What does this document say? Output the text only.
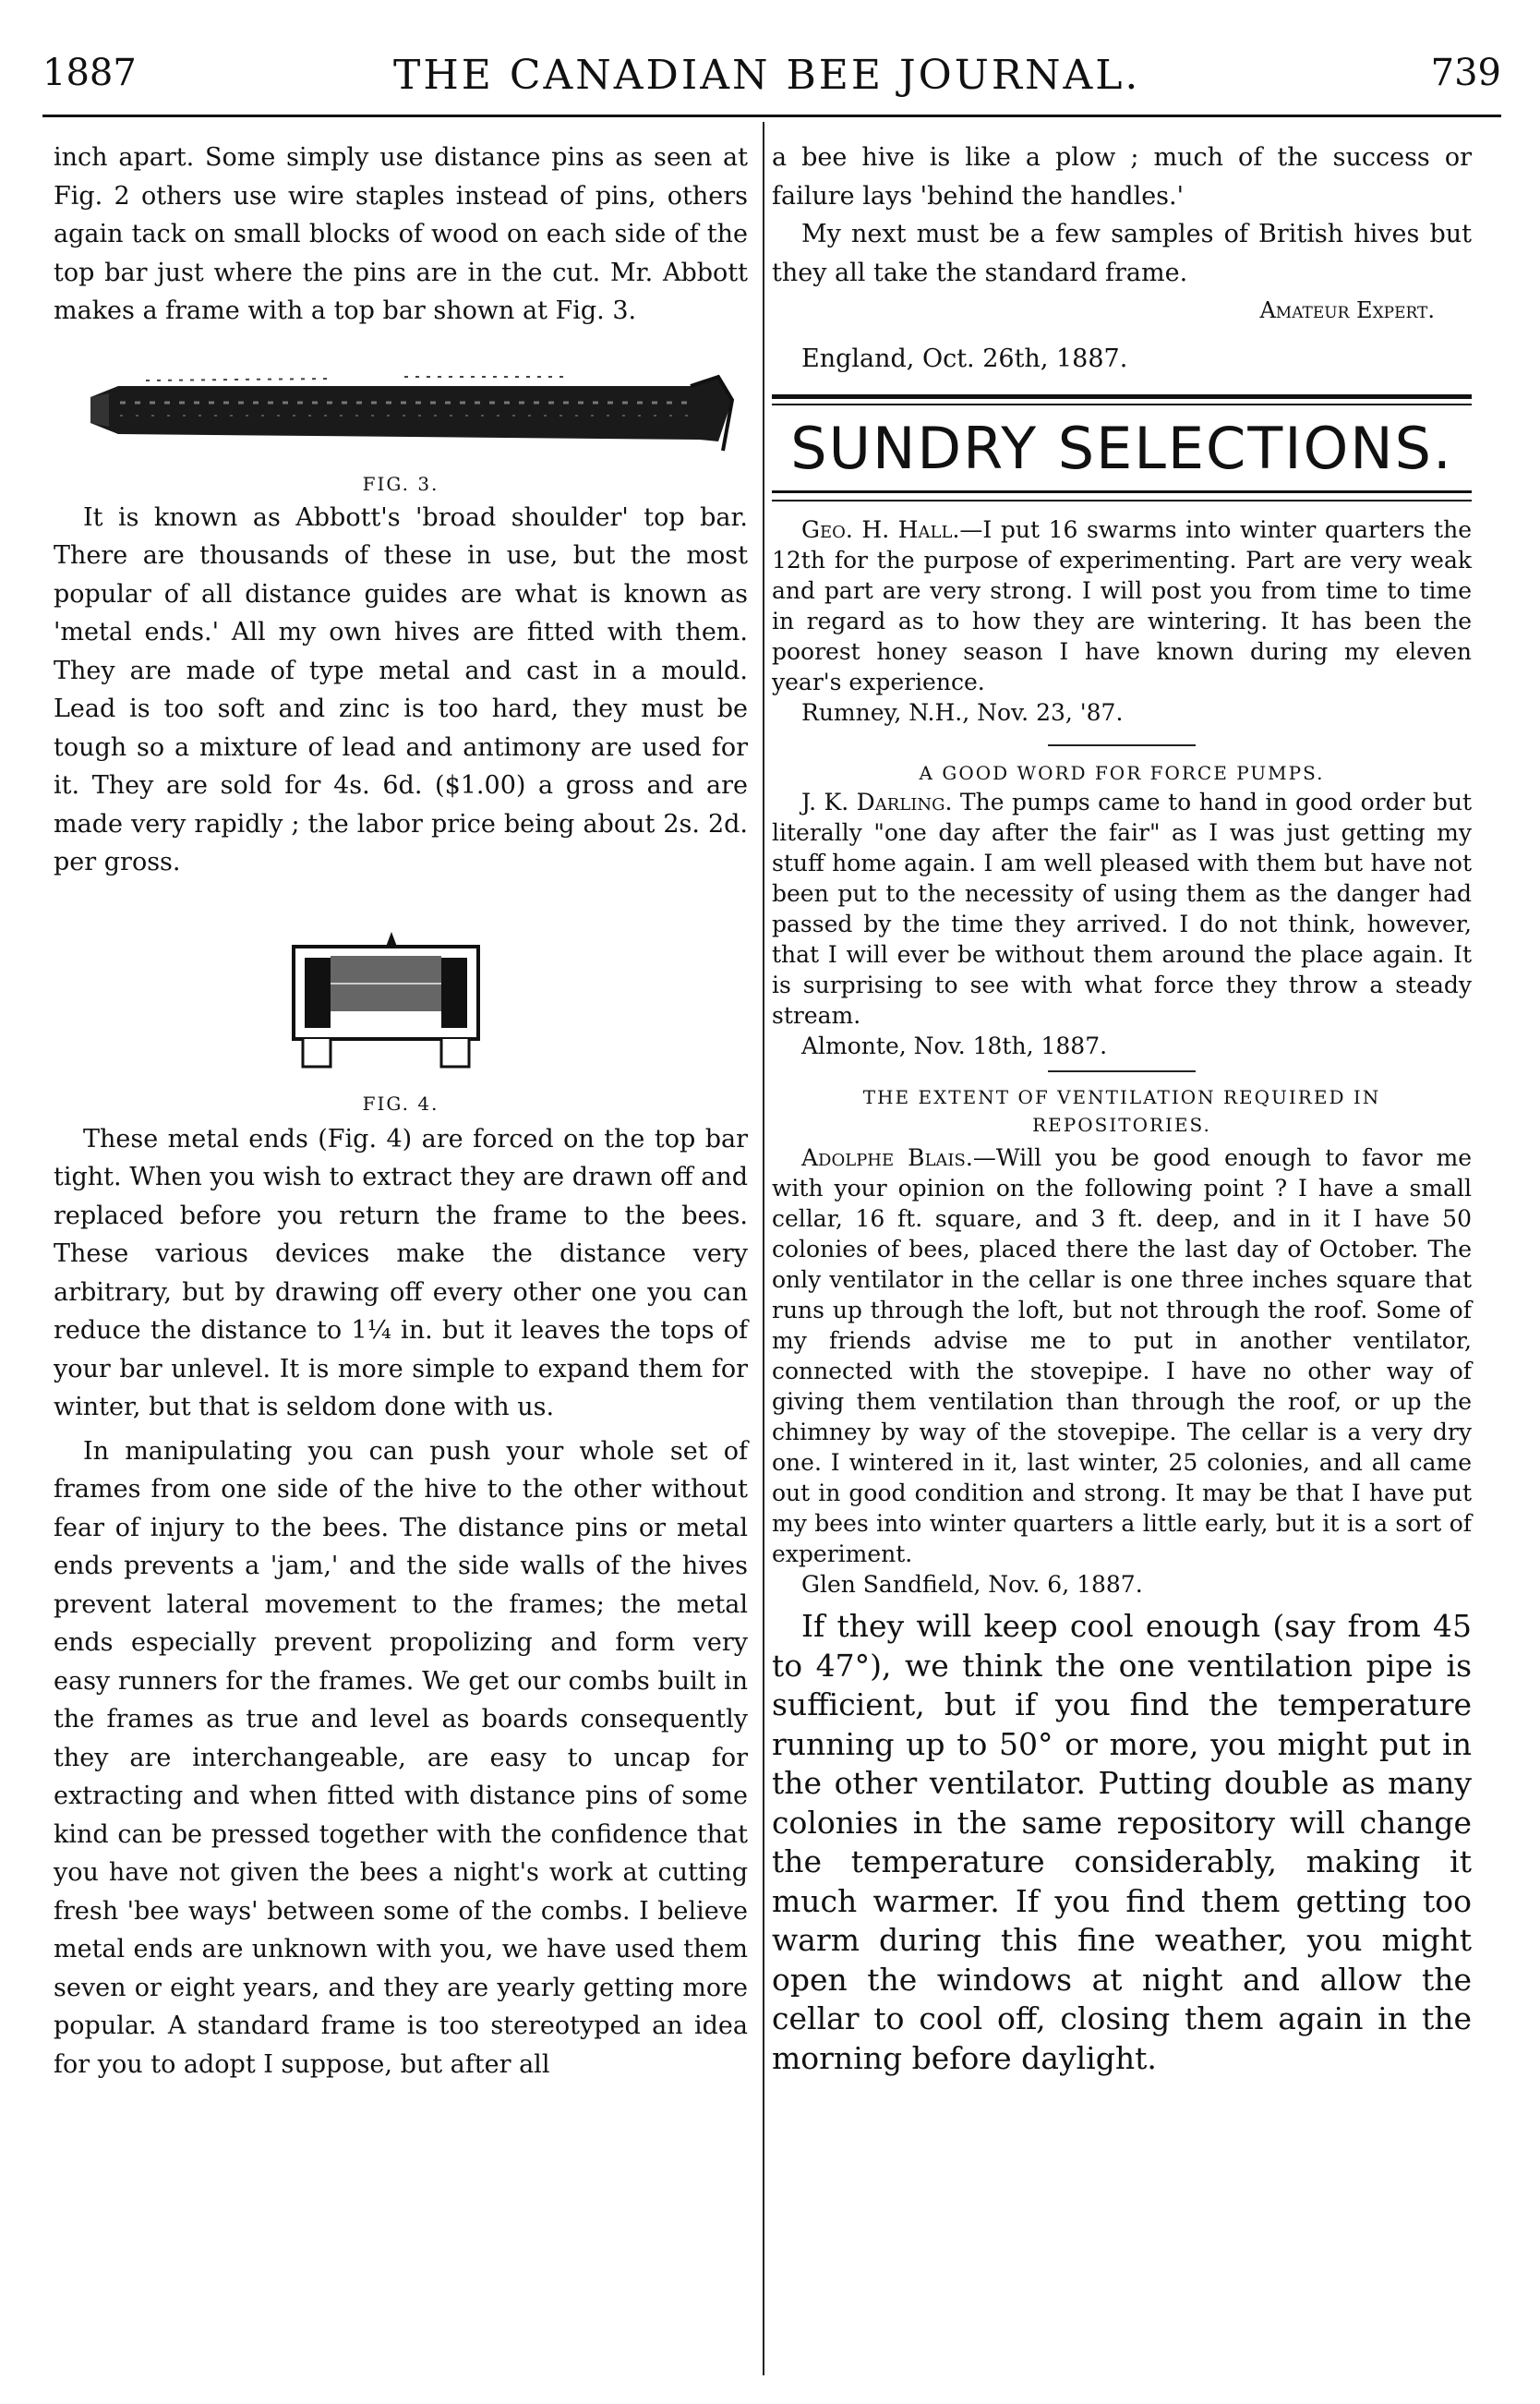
1887	THE CANADIAN BEE JOURNAL.	739

inch apart. Some simply use distance pins as seen at Fig. 2 others use wire staples instead of pins, others again tack on small blocks of wood on each side of the top bar just where the pins are in the cut. Mr. Abbott makes a frame with a top bar shown at Fig. 3.

FIG. 3.

It is known as Abbott's 'broad shoulder' top bar. There are thousands of these in use, but the most popular of all distance guides are what is known as 'metal ends.' All my own hives are fitted with them. They are made of type metal and cast in a mould. Lead is too soft and zinc is too hard, they must be tough so a mixture of lead and antimony are used for it. They are sold for 4s. 6d. ($1.00) a gross and are made very rapidly ; the labor price being about 2s. 2d. per gross.

FIG. 4.

These metal ends (Fig. 4) are forced on the top bar tight. When you wish to extract they are drawn off and replaced before you return the frame to the bees. These various devices make the distance very arbitrary, but by drawing off every other one you can reduce the distance to 1¼ in. but it leaves the tops of your bar unlevel. It is more simple to expand them for winter, but that is seldom done with us.

In manipulating you can push your whole set of frames from one side of the hive to the other without fear of injury to the bees. The distance pins or metal ends prevents a 'jam,' and the side walls of the hives prevent lateral movement to the frames; the metal ends especially prevent propolizing and form very easy runners for the frames. We get our combs built in the frames as true and level as boards consequently they are interchangeable, are easy to uncap for extracting and when fitted with distance pins of some kind can be pressed together with the confidence that you have not given the bees a night's work at cutting fresh 'bee ways' between some of the combs. I believe metal ends are unknown with you, we have used them seven or eight years, and they are yearly getting more popular. A standard frame is too stereotyped an idea for you to adopt I suppose, but after all

a bee hive is like a plow ; much of the success or failure lays 'behind the handles.'

My next must be a few samples of British hives but they all take the standard frame.

Amateur Expert.

England, Oct. 26th, 1887.

SUNDRY SELECTIONS.

Geo. H. Hall.—I put 16 swarms into winter quarters the 12th for the purpose of experimenting. Part are very weak and part are very strong. I will post you from time to time in regard as to how they are wintering. It has been the poorest honey season I have known during my eleven year's experience.

Rumney, N.H., Nov. 23, '87.

A GOOD WORD FOR FORCE PUMPS.

J. K. Darling. The pumps came to hand in good order but literally "one day after the fair" as I was just getting my stuff home again. I am well pleased with them but have not been put to the necessity of using them as the danger had passed by the time they arrived. I do not think, however, that I will ever be without them around the place again. It is surprising to see with what force they throw a steady stream.

Almonte, Nov. 18th, 1887.

THE EXTENT OF VENTILATION REQUIRED IN REPOSITORIES.

Adolphe Blais.—Will you be good enough to favor me with your opinion on the following point ? I have a small cellar, 16 ft. square, and 3 ft. deep, and in it I have 50 colonies of bees, placed there the last day of October. The only ventilator in the cellar is one three inches square that runs up through the loft, but not through the roof. Some of my friends advise me to put in another ventilator, connected with the stovepipe. I have no other way of giving them ventilation than through the roof, or up the chimney by way of the stovepipe. The cellar is a very dry one. I wintered in it, last winter, 25 colonies, and all came out in good condition and strong. It may be that I have put my bees into winter quarters a little early, but it is a sort of experiment.

Glen Sandfield, Nov. 6, 1887.

If they will keep cool enough (say from 45 to 47°), we think the one ventilation pipe is sufficient, but if you find the temperature running up to 50° or more, you might put in the other ventilator. Putting double as many colonies in the same repository will change the temperature considerably, making it much warmer. If you find them getting too warm during this fine weather, you might open the windows at night and allow the cellar to cool off, closing them again in the morning before daylight.
